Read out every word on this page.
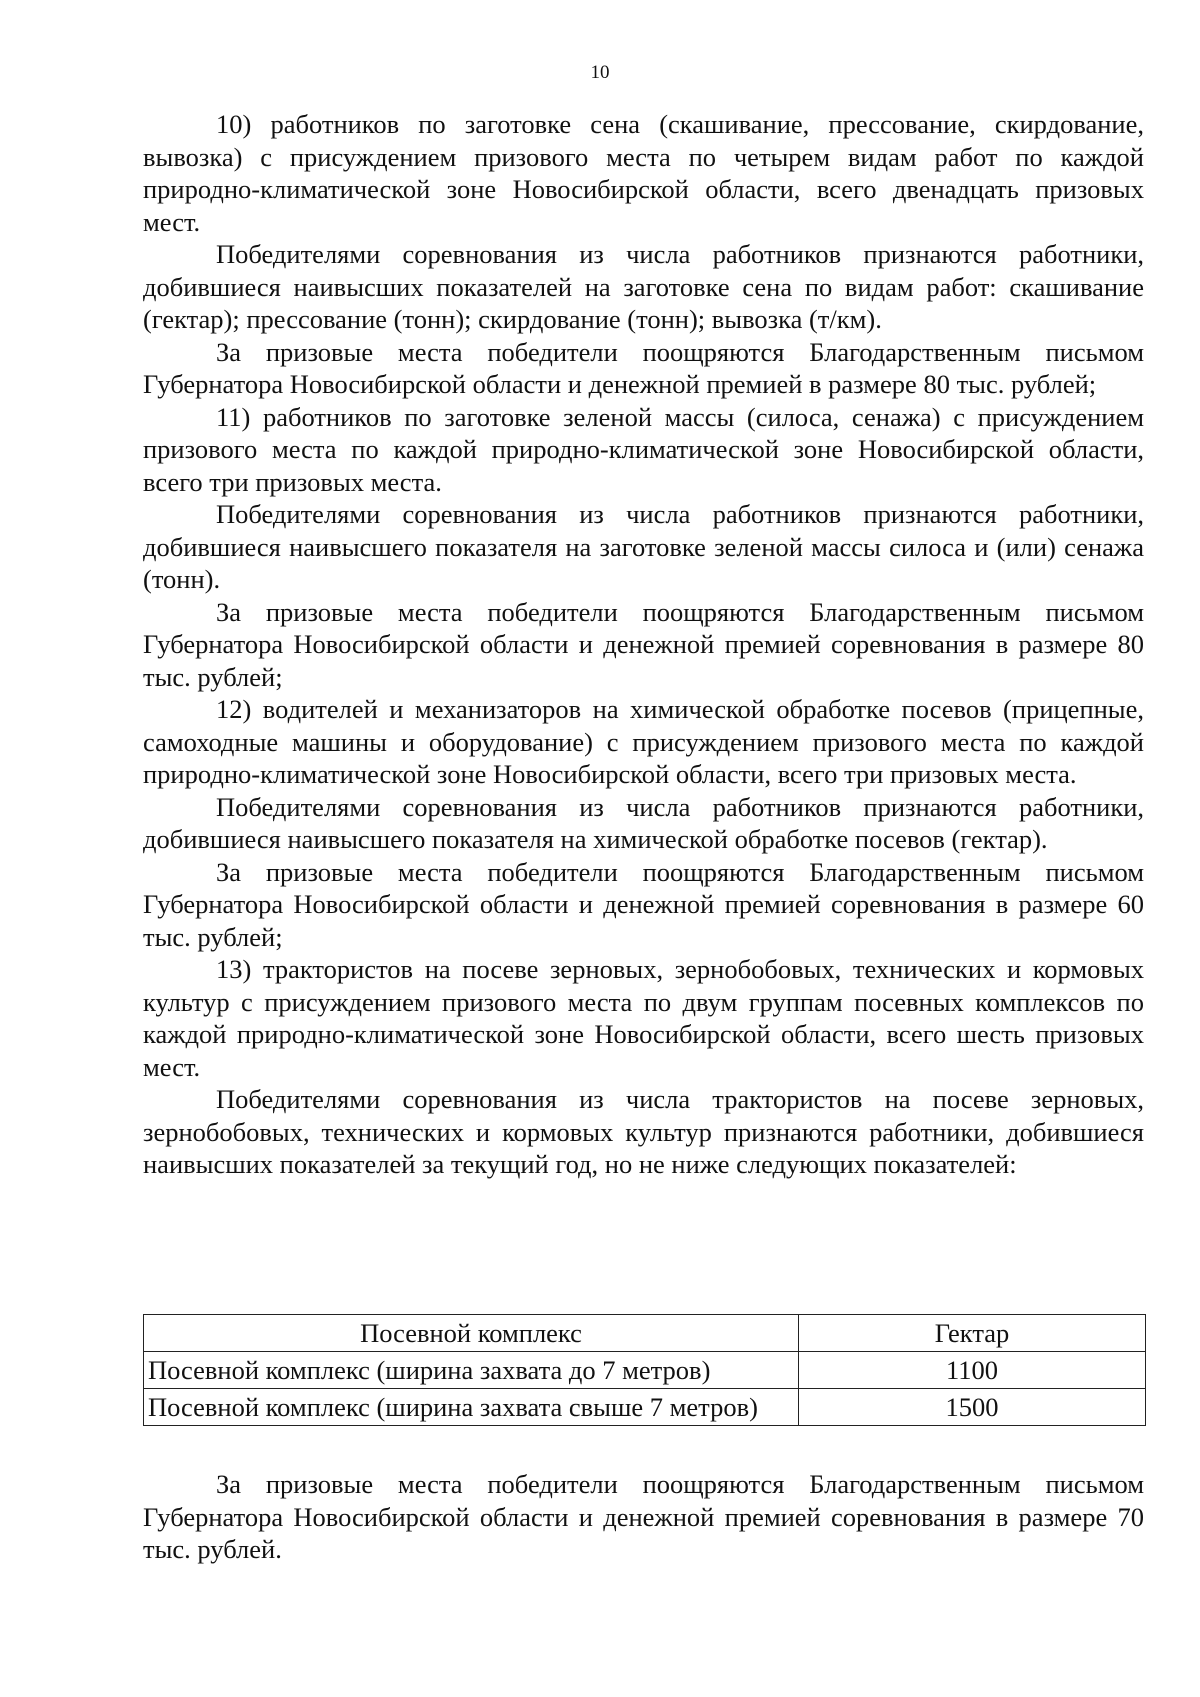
10

10) работников по заготовке сена (скашивание, прессование, скирдование, вывозка) с присуждением призового места по четырем видам работ по каждой природно-климатической зоне Новосибирской области, всего двенадцать призовых мест.

Победителями соревнования из числа работников признаются работники, добившиеся наивысших показателей на заготовке сена по видам работ: скашивание (гектар); прессование (тонн); скирдование (тонн); вывозка (т/км).

За призовые места победители поощряются Благодарственным письмом Губернатора Новосибирской области и денежной премией в размере 80 тыс. рублей;

11) работников по заготовке зеленой массы (силоса, сенажа) с присуждением призового места по каждой природно-климатической зоне Новосибирской области, всего три призовых места.

Победителями соревнования из числа работников признаются работники, добившиеся наивысшего показателя на заготовке зеленой массы силоса и (или) сенажа (тонн).

За призовые места победители поощряются Благодарственным письмом Губернатора Новосибирской области и денежной премией соревнования в размере 80 тыс. рублей;

12) водителей и механизаторов на химической обработке посевов (прицепные, самоходные машины и оборудование) с присуждением призового места по каждой природно-климатической зоне Новосибирской области, всего три призовых места.

Победителями соревнования из числа работников признаются работники, добившиеся наивысшего показателя на химической обработке посевов (гектар).

За призовые места победители поощряются Благодарственным письмом Губернатора Новосибирской области и денежной премией соревнования в размере 60 тыс. рублей;

13) трактористов на посеве зерновых, зернобобовых, технических и кормовых культур с присуждением призового места по двум группам посевных комплексов по каждой природно-климатической зоне Новосибирской области, всего шесть призовых мест.

Победителями соревнования из числа трактористов на посеве зерновых, зернобобовых, технических и кормовых культур признаются работники, добившиеся наивысших показателей за текущий год, но не ниже следующих показателей:

Посевной комплекс	Гектар
Посевной комплекс (ширина захвата до 7 метров)	1100
Посевной комплекс (ширина захвата свыше 7 метров)	1500

За призовые места победители поощряются Благодарственным письмом Губернатора Новосибирской области и денежной премией соревнования в размере 70 тыс. рублей.
